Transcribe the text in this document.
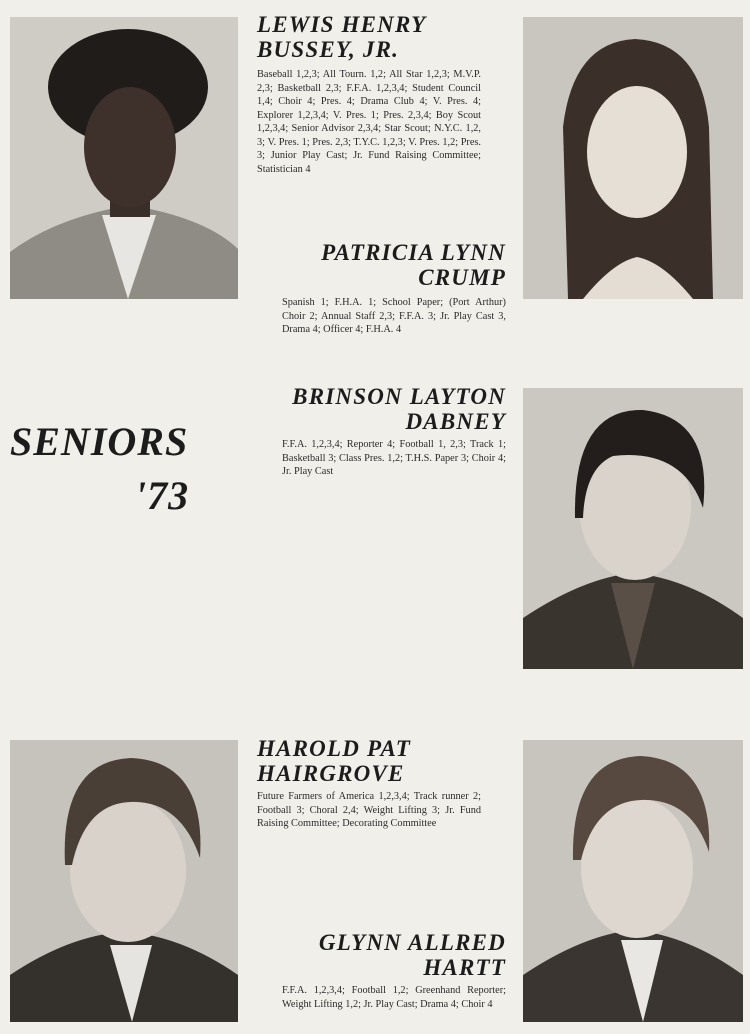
LEWIS HENRY
BUSSEY, JR.

Baseball 1,2,3; All Tourn. 1,2; All Star 1,2,3; M.V.P. 2,3; Basketball 2,3; F.F.A. 1,2,3,4; Student Council 1,4; Choir 4; Pres. 4; Drama Club 4; V. Pres. 4; Explorer 1,2,3,4; V. Pres. 1; Pres. 2,3,4; Boy Scout 1,2,3,4; Senior Advisor 2,3,4; Star Scout; N.Y.C. 1,2, 3; V. Pres. 1; Pres. 2,3; T.Y.C. 1,2,3; V. Pres. 1,2; Pres. 3; Junior Play Cast; Jr. Fund Raising Committee; Statistician 4

PATRICIA LYNN
CRUMP

Spanish 1; F.H.A. 1; School Paper; (Port Arthur) Choir 2; Annual Staff 2,3; F.F.A. 3; Jr. Play Cast 3, Drama 4; Officer 4; F.H.A. 4

SENIORS
'73
BRINSON LAYTON
DABNEY

F.F.A. 1,2,3,4; Reporter 4; Football 1, 2,3; Track 1; Basketball 3; Class Pres. 1,2; T.H.S. Paper 3; Choir 4; Jr. Play Cast

HAROLD PAT
HAIRGROVE

Future Farmers of America 1,2,3,4; Track runner 2; Football 3; Choral 2,4; Weight Lifting 3; Jr. Fund Raising Committee; Decorating Committee

GLYNN ALLRED
HARTT

F.F.A. 1,2,3,4; Football 1,2; Greenhand Reporter; Weight Lifting 1,2; Jr. Play Cast; Drama 4; Choir 4
